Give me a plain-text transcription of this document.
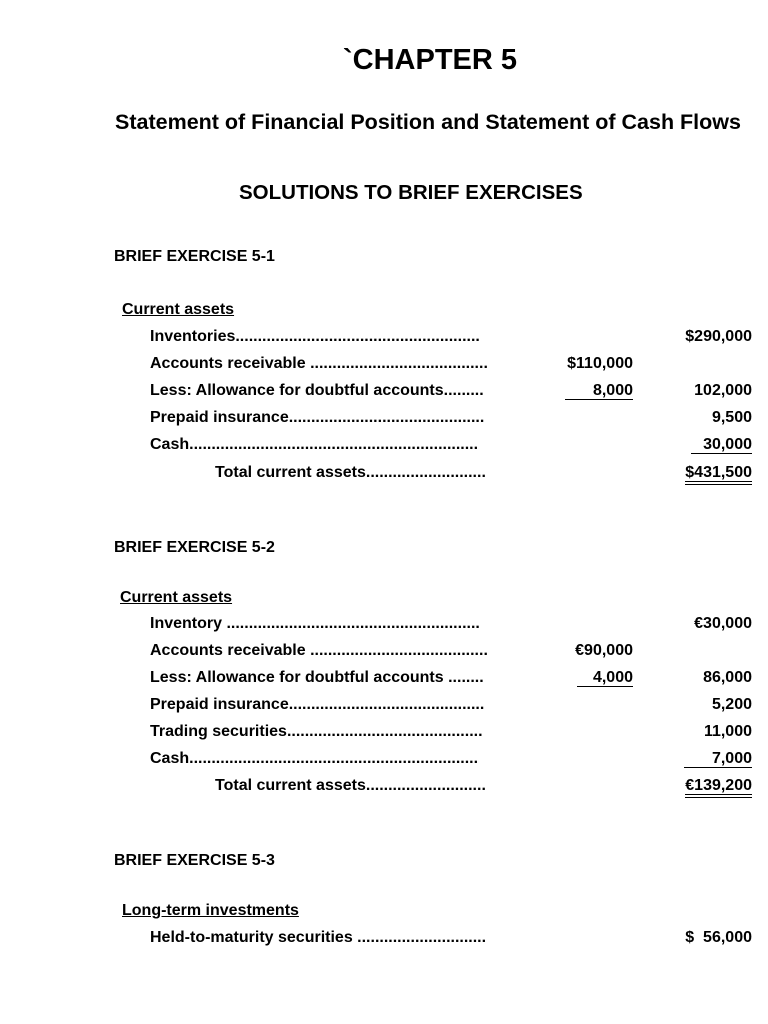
`CHAPTER 5
Statement of Financial Position and Statement of Cash Flows
SOLUTIONS TO BRIEF EXERCISES
BRIEF EXERCISE 5-1
Current assets
Inventories.......................................................	$290,000
Accounts receivable ........................................	$110,000
Less: Allowance for doubtful accounts.........	8,000	102,000
Prepaid insurance............................................	9,500
Cash.................................................................	30,000
Total current assets...........................	$431,500
BRIEF EXERCISE 5-2
Current assets
Inventory .........................................................	€30,000
Accounts receivable ........................................	€90,000
Less: Allowance for doubtful accounts ........	4,000	86,000
Prepaid insurance............................................	5,200
Trading securities............................................	11,000
Cash.................................................................	7,000
Total current assets...........................	€139,200
BRIEF EXERCISE 5-3
Long-term investments
Held-to-maturity securities .............................	$  56,000
